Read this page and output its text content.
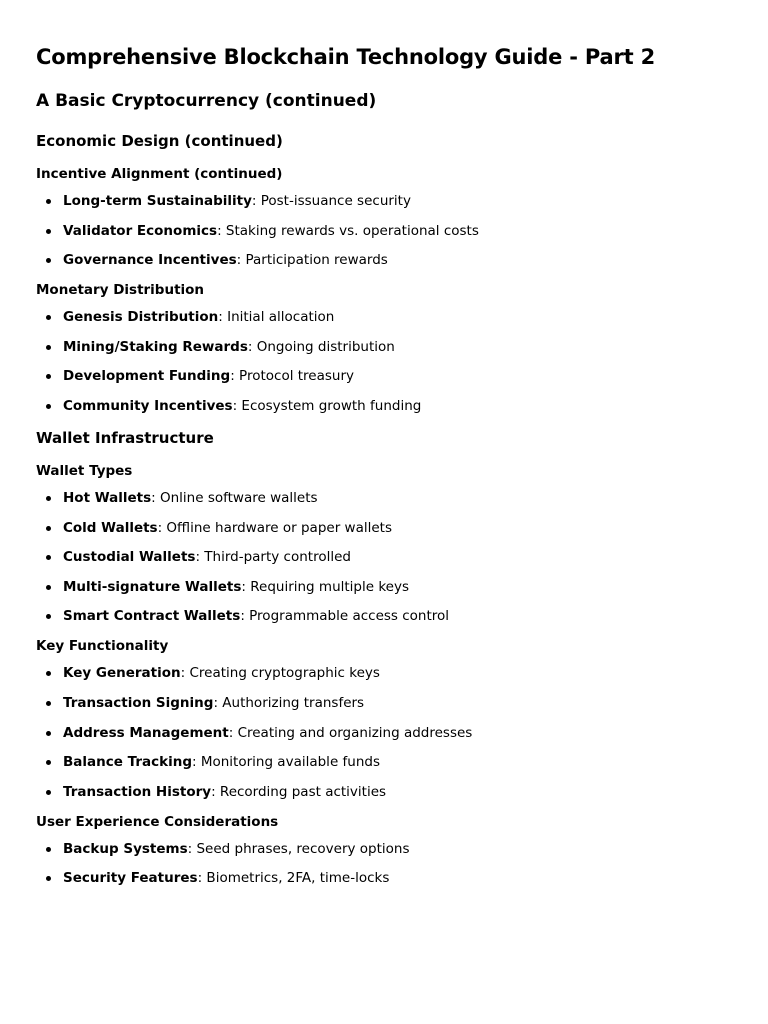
Comprehensive Blockchain Technology Guide - Part 2
A Basic Cryptocurrency (continued)
Economic Design (continued)
Incentive Alignment (continued)
Long-term Sustainability: Post-issuance security
Validator Economics: Staking rewards vs. operational costs
Governance Incentives: Participation rewards
Monetary Distribution
Genesis Distribution: Initial allocation
Mining/Staking Rewards: Ongoing distribution
Development Funding: Protocol treasury
Community Incentives: Ecosystem growth funding
Wallet Infrastructure
Wallet Types
Hot Wallets: Online software wallets
Cold Wallets: Offline hardware or paper wallets
Custodial Wallets: Third-party controlled
Multi-signature Wallets: Requiring multiple keys
Smart Contract Wallets: Programmable access control
Key Functionality
Key Generation: Creating cryptographic keys
Transaction Signing: Authorizing transfers
Address Management: Creating and organizing addresses
Balance Tracking: Monitoring available funds
Transaction History: Recording past activities
User Experience Considerations
Backup Systems: Seed phrases, recovery options
Security Features: Biometrics, 2FA, time-locks
